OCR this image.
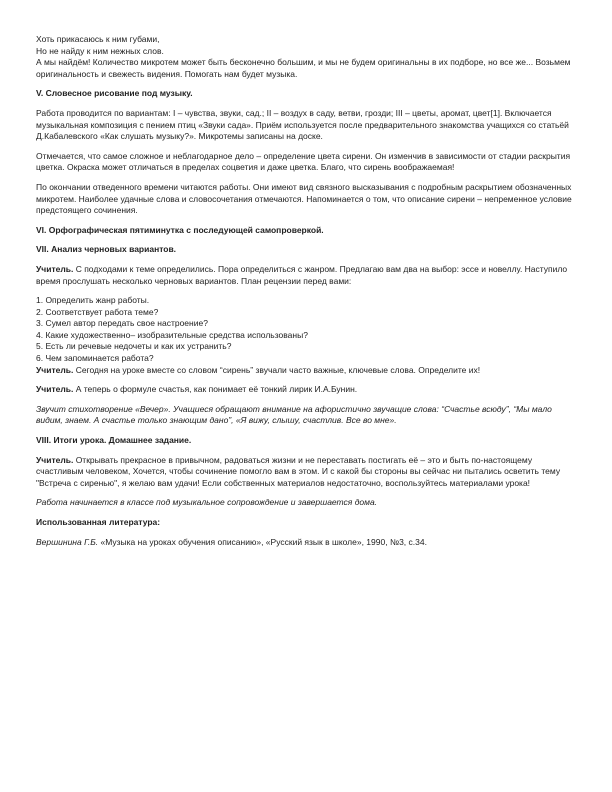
Хоть прикасаюсь к ним губами,

Но не найду к ним нежных слов.

А мы найдём! Количество микротем может быть бесконечно большим, и мы не будем оригинальны в их подборе, но все же... Возьмем оригинальность и свежесть видения. Помогать нам будет музыка.

V. Словесное рисование под музыку.

Работа проводится по вариантам: I – чувства, звуки, сад.; II – воздух в саду, ветви, грозди; III – цветы, аромат, цвет[1]. Включается музыкальная композиция с пением птиц «Звуки сада». Приём используется после предварительного знакомства учащихся со статьёй Д.Кабалевского «Как слушать музыку?». Микротемы записаны на доске.

Отмечается, что самое сложное и неблагодарное дело – определение цвета сирени. Он изменчив в зависимости от стадии раскрытия цветка. Окраска может отличаться в пределах соцветия и даже цветка. Благо, что сирень воображаемая!

По окончании отведенного времени читаются работы. Они имеют вид связного высказывания с подробным раскрытием обозначенных микротем. Наиболее удачные слова и словосочетания отмечаются. Напоминается о том, что описание сирени – непременное условие предстоящего сочинения.

VI. Орфографическая пятиминутка с последующей самопроверкой.

VII. Анализ черновых вариантов.

Учитель. С подходами к теме определились. Пора определиться с жанром. Предлагаю вам два на выбор: эссе и новеллу. Наступило время прослушать несколько черновых вариантов. План рецензии перед вами:

1. Определить жанр работы.
2. Соответствует работа теме?
3. Сумел автор передать свое настроение?
4. Какие художественно– изобразительные средства использованы?
5. Есть ли речевые недочеты и как их устранить?
6. Чем запоминается работа?

Учитель. Сегодня на уроке вместе со словом “сирень” звучали часто важные, ключевые слова. Определите их!

Учитель. А теперь о формуле счастья, как понимает её тонкий лирик И.А.Бунин.

Звучит стихотворение «Вечер». Учащиеся обращают внимание на афористично звучащие слова: “Счастье всюду”, “Мы мало видим, знаем. А счастье только знающим дано”, «Я вижу, слышу, счастлив. Все во мне».

VIII. Итоги урока. Домашнее задание.

Учитель. Открывать прекрасное в привычном, радоваться жизни и не переставать постигать её – это и быть по-настоящему счастливым человеком, Хочется, чтобы сочинение помогло вам в этом. И с какой бы стороны вы сейчас ни пытались осветить тему "Встреча с сиренью", я желаю вам удачи! Если собственных материалов недостаточно, воспользуйтесь материалами урока!

Работа начинается в классе под музыкальное сопровождение и завершается дома.

Использованная литература:

Вершинина Г.Б. «Музыка на уроках обучения описанию», «Русский язык в школе», 1990, №3, с.34.
